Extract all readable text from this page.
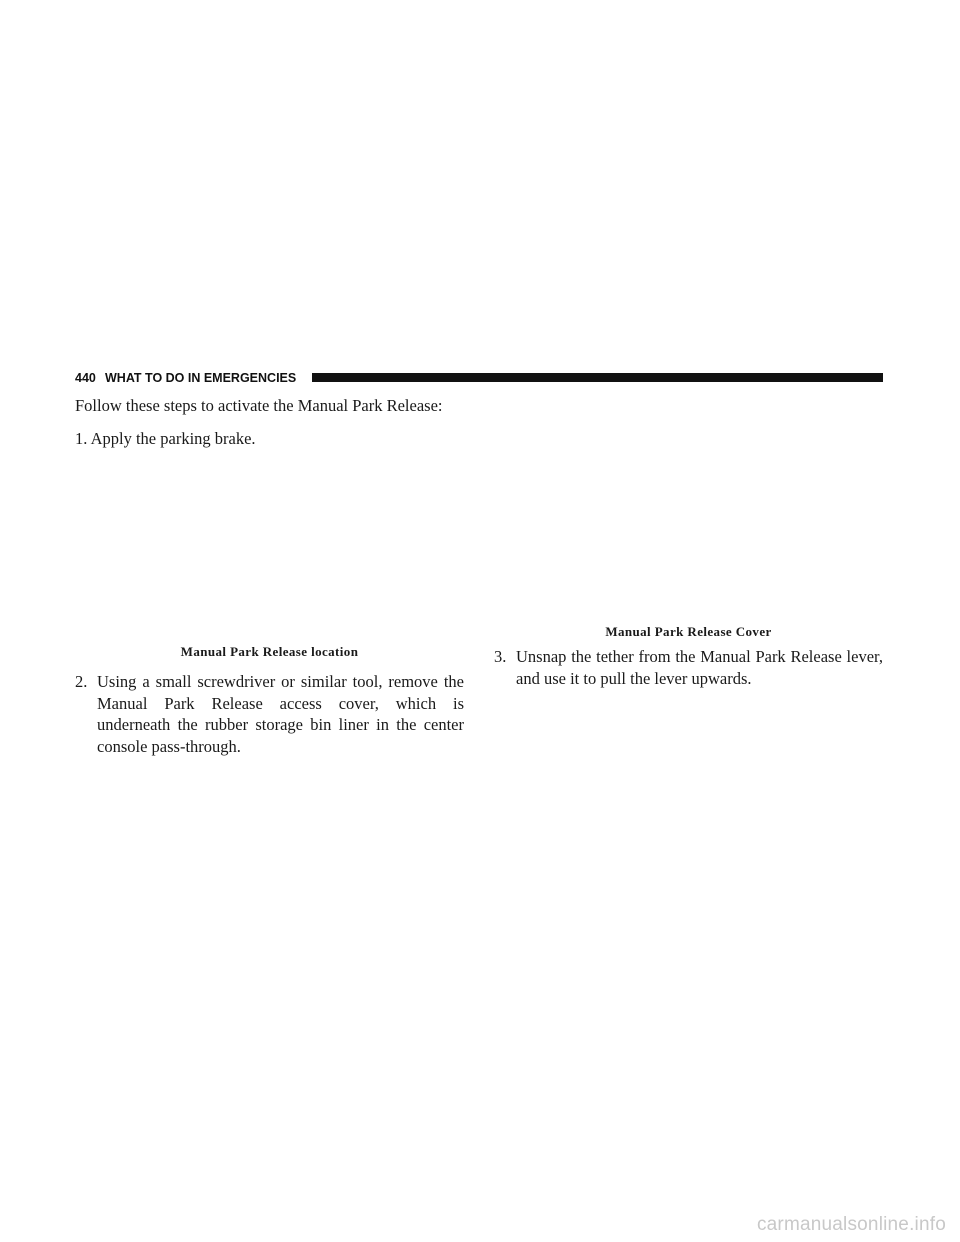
440 WHAT TO DO IN EMERGENCIES
Follow these steps to activate the Manual Park Release:
1. Apply the parking brake.
Manual Park Release location
2. Using a small screwdriver or similar tool, remove the Manual Park Release access cover, which is underneath the rubber storage bin liner in the center console pass-through.
Manual Park Release Cover
3. Unsnap the tether from the Manual Park Release lever, and use it to pull the lever upwards.
carmanualsonline.info
